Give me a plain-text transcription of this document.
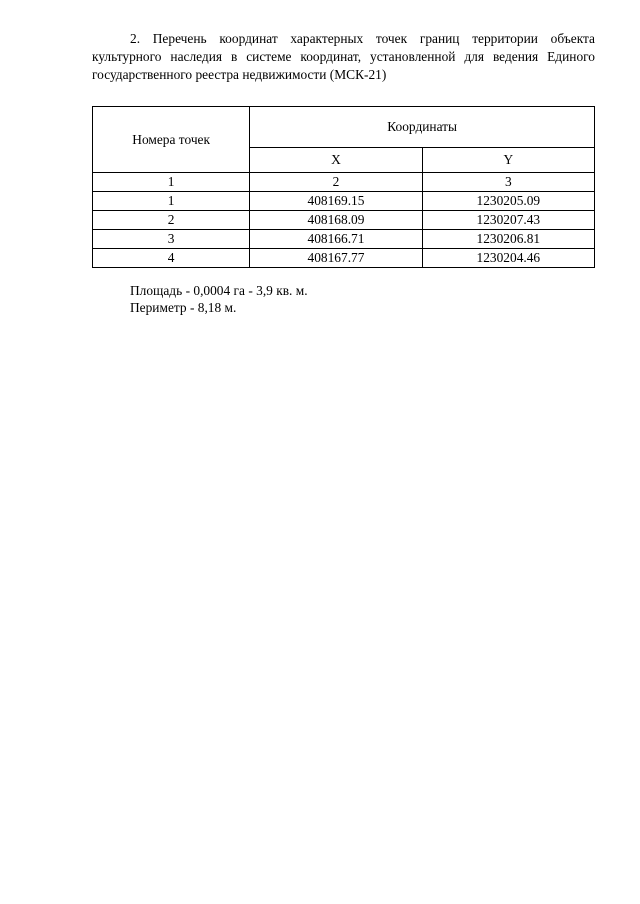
2. Перечень координат характерных точек границ территории объекта культурного наследия в системе координат, установленной для ведения Единого государственного реестра недвижимости (МСК-21)

Номера точек	Координаты	
	X	Y
1	2	3
1	408169.15	1230205.09
2	408168.09	1230207.43
3	408166.71	1230206.81
4	408167.77	1230204.46
Площадь - 0,0004 га - 3,9 кв. м.
Периметр - 8,18 м.
